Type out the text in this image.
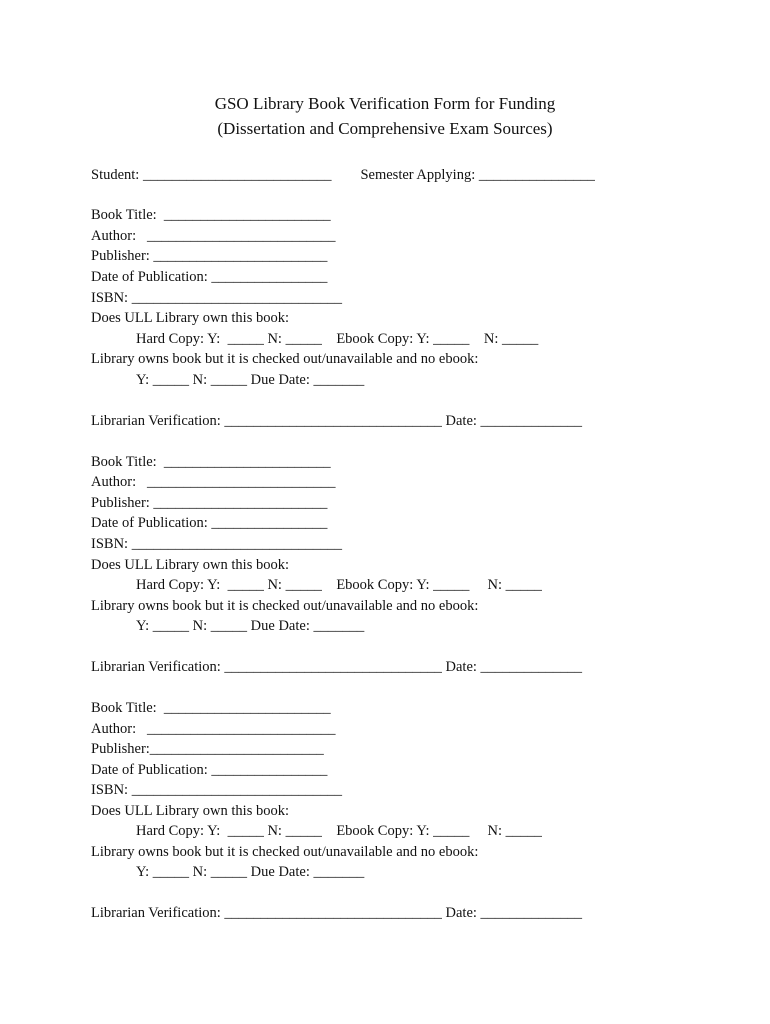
GSO Library Book Verification Form for Funding
(Dissertation and Comprehensive Exam Sources)
Student: __________________________        Semester Applying: ________________
Book Title:  _______________________
Author:   __________________________
Publisher: ________________________
Date of Publication: ________________
ISBN: _____________________________
Does ULL Library own this book:
Hard Copy: Y:  _____ N: _____    Ebook Copy: Y: _____    N: _____
Library owns book but it is checked out/unavailable and no ebook:
Y: _____ N: _____ Due Date: _______
Librarian Verification: ______________________________ Date: ______________
Book Title:  _______________________
Author:   __________________________
Publisher: ________________________
Date of Publication: ________________
ISBN: _____________________________
Does ULL Library own this book:
Hard Copy: Y:  _____ N: _____    Ebook Copy: Y: _____     N: _____
Library owns book but it is checked out/unavailable and no ebook:
Y: _____ N: _____ Due Date: _______
Librarian Verification: ______________________________ Date: ______________
Book Title:  _______________________
Author:   __________________________
Publisher:________________________
Date of Publication: ________________
ISBN: _____________________________
Does ULL Library own this book:
Hard Copy: Y:  _____ N: _____    Ebook Copy: Y: _____     N: _____
Library owns book but it is checked out/unavailable and no ebook:
Y: _____ N: _____ Due Date: _______
Librarian Verification: ______________________________ Date: ______________
